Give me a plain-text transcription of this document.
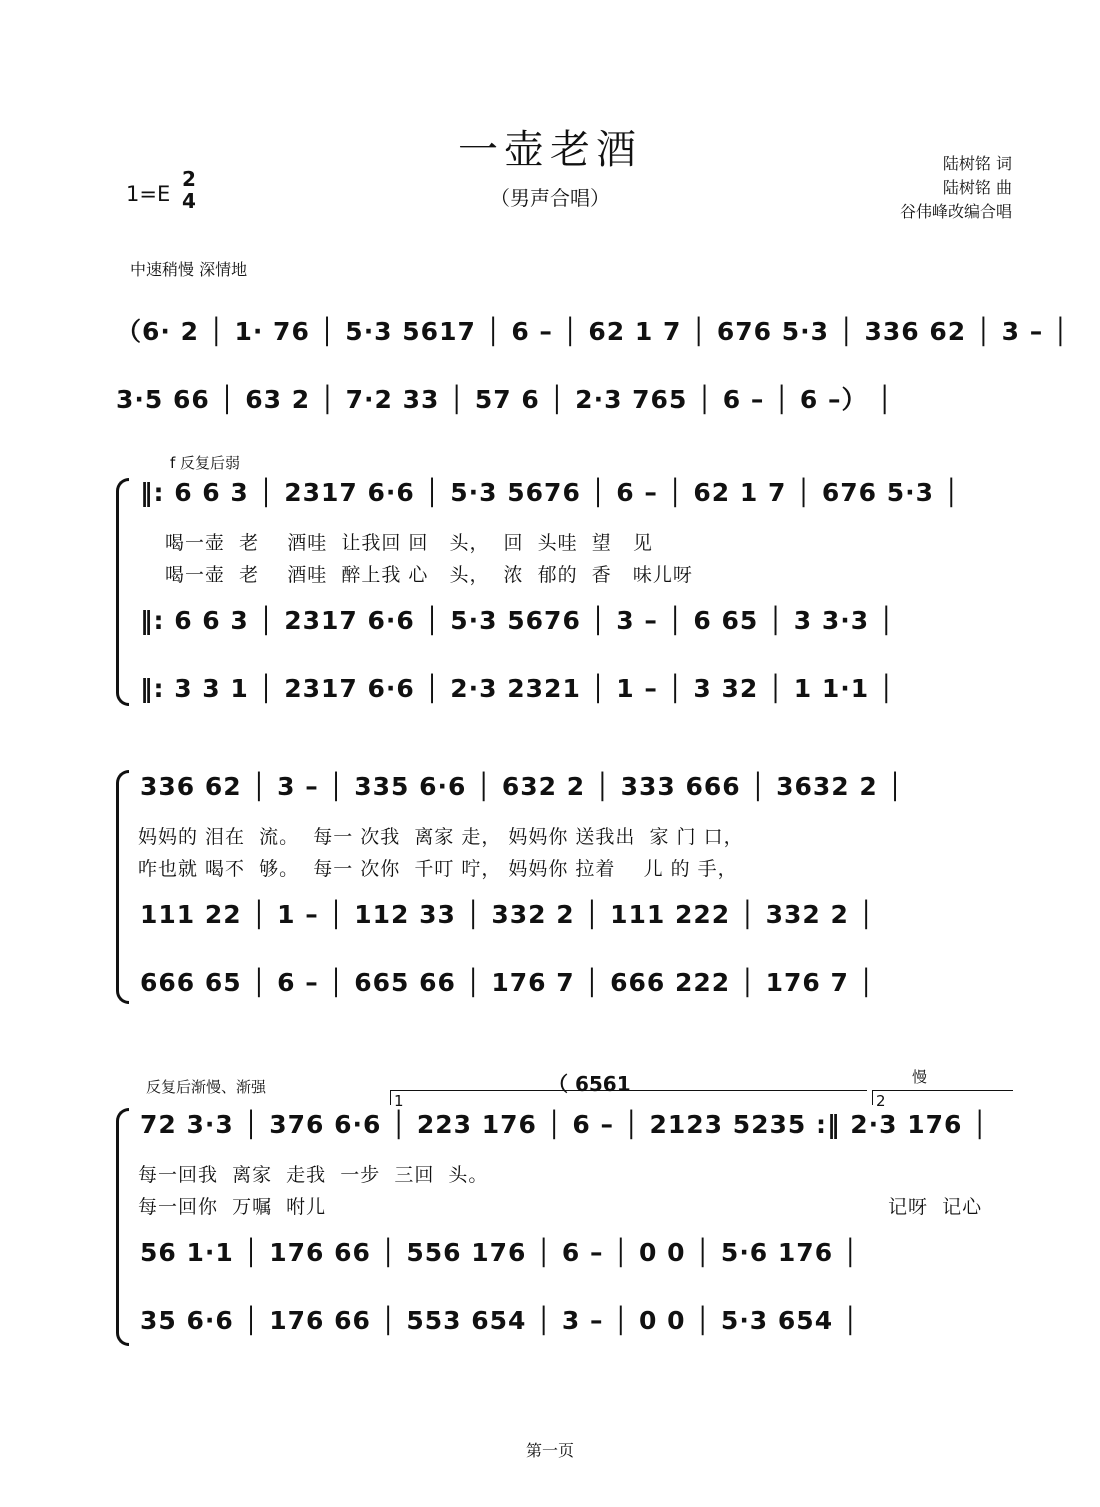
一壶老酒
（男声合唱）
1=E
2
4
陆树铭 词
陆树铭 曲
谷伟峰改编合唱
中速稍慢 深情地
（6· 2 │ 1· 76 │ 5·3 5617 │ 6 – │ 62 1 7 │ 676 5·3 │ 336 62 │ 3 – │
3·5 66 │ 63 2 │ 7·2 33 │ 57 6 │ 2·3 765 │ 6 – │ 6 –） │
f 反复后弱
‖: 6 6 3 │ 2317 6·6 │ 5·3 5676 │ 6 – │ 62 1 7 │ 676 5·3 │
喝一壶  老    酒哇  让我回 回   头，  回  头哇  望   见
喝一壶  老    酒哇  醉上我 心   头，  浓  郁的  香   味儿呀
‖: 6 6 3 │ 2317 6·6 │ 5·3 5676 │ 3 – │ 6 65 │ 3 3·3 │
‖: 3 3 1 │ 2317 6·6 │ 2·3 2321 │ 1 – │ 3 32 │ 1 1·1 │
336 62 │ 3 – │ 335 6·6 │ 632 2 │ 333 666 │ 3632 2 │
妈妈的 泪在  流。  每一 次我  离家 走， 妈妈你 送我出  家 门 口，
咋也就 喝不  够。  每一 次你  千叮 咛， 妈妈你 拉着    儿 的 手，
111 22 │ 1 – │ 112 33 │ 332 2 │ 111 222 │ 332 2 │
666 65 │ 6 – │ 665 66 │ 176 7 │ 666 222 │ 176 7 │
反复后渐慢、渐强	（ 6561
1	2
慢
72 3·3 │ 376 6·6 │ 223 176 │ 6 – │ 2123 5235 :‖ 2·3 176 │
每一回我  离家  走我  一步  三回  头。
每一回你  万嘱  咐儿	记呀  记心
56 1·1 │ 176 66 │ 556 176 │ 6 – │ 0 0 │ 5·6 176 │
35 6·6 │ 176 66 │ 553 654 │ 3 – │ 0 0 │ 5·3 654 │
第一页
